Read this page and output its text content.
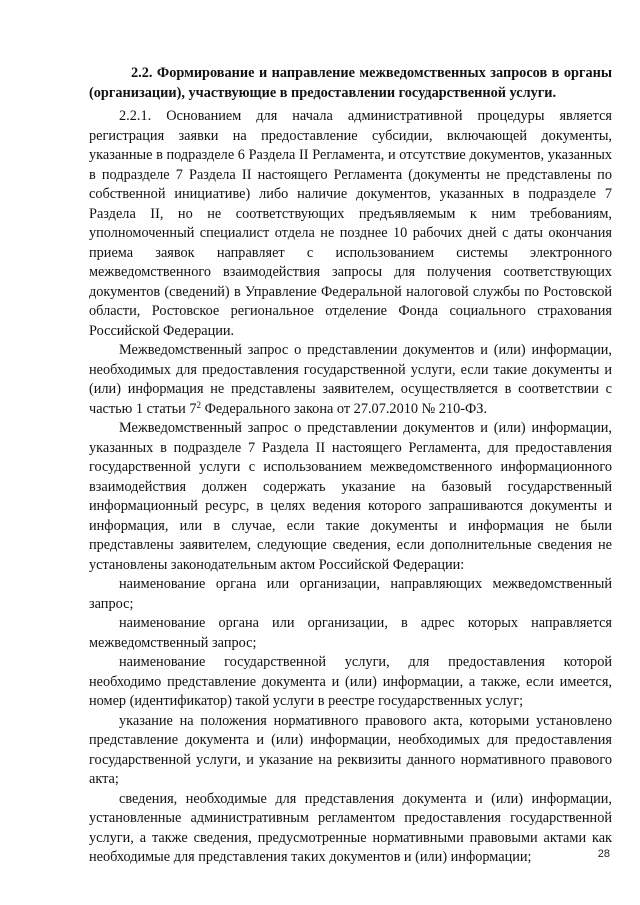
2.2. Формирование и направление межведомственных запросов в органы (организации), участвующие в предоставлении государственной услуги.

2.2.1. Основанием для начала административной процедуры является регистрация заявки на предоставление субсидии, включающей документы, указанные в подразделе 6 Раздела II Регламента, и отсутствие документов, указанных в подразделе 7 Раздела II настоящего Регламента (документы не представлены по собственной инициативе) либо наличие документов, указанных в подразделе 7 Раздела II, но не соответствующих предъявляемым к ним требованиям, уполномоченный специалист отдела не позднее 10 рабочих дней с даты окончания приема заявок направляет с использованием системы электронного межведомственного взаимодействия запросы для получения соответствующих документов (сведений) в Управление Федеральной налоговой службы по Ростовской области, Ростовское региональное отделение Фонда социального страхования Российской Федерации.

Межведомственный запрос о представлении документов и (или) информации, необходимых для предоставления государственной услуги, если такие документы и (или) информация не представлены заявителем, осуществляется в соответствии с частью 1 статьи $7^2$ Федерального закона от 27.07.2010 № 210-ФЗ.

Межведомственный запрос о представлении документов и (или) информации, указанных в подразделе 7 Раздела II настоящего Регламента, для предоставления государственной услуги с использованием межведомственного информационного взаимодействия должен содержать указание на базовый государственный информационный ресурс, в целях ведения которого запрашиваются документы и информация, или в случае, если такие документы и информация не были представлены заявителем, следующие сведения, если дополнительные сведения не установлены законодательным актом Российской Федерации:

наименование органа или организации, направляющих межведомственный запрос;

наименование органа или организации, в адрес которых направляется межведомственный запрос;

наименование государственной услуги, для предоставления которой необходимо представление документа и (или) информации, а также, если имеется, номер (идентификатор) такой услуги в реестре государственных услуг;

указание на положения нормативного правового акта, которыми установлено представление документа и (или) информации, необходимых для предоставления государственной услуги, и указание на реквизиты данного нормативного правового акта;

сведения, необходимые для представления документа и (или) информации, установленные административным регламентом предоставления государственной услуги, а также сведения, предусмотренные нормативными правовыми актами как необходимые для представления таких документов и (или) информации;	28
